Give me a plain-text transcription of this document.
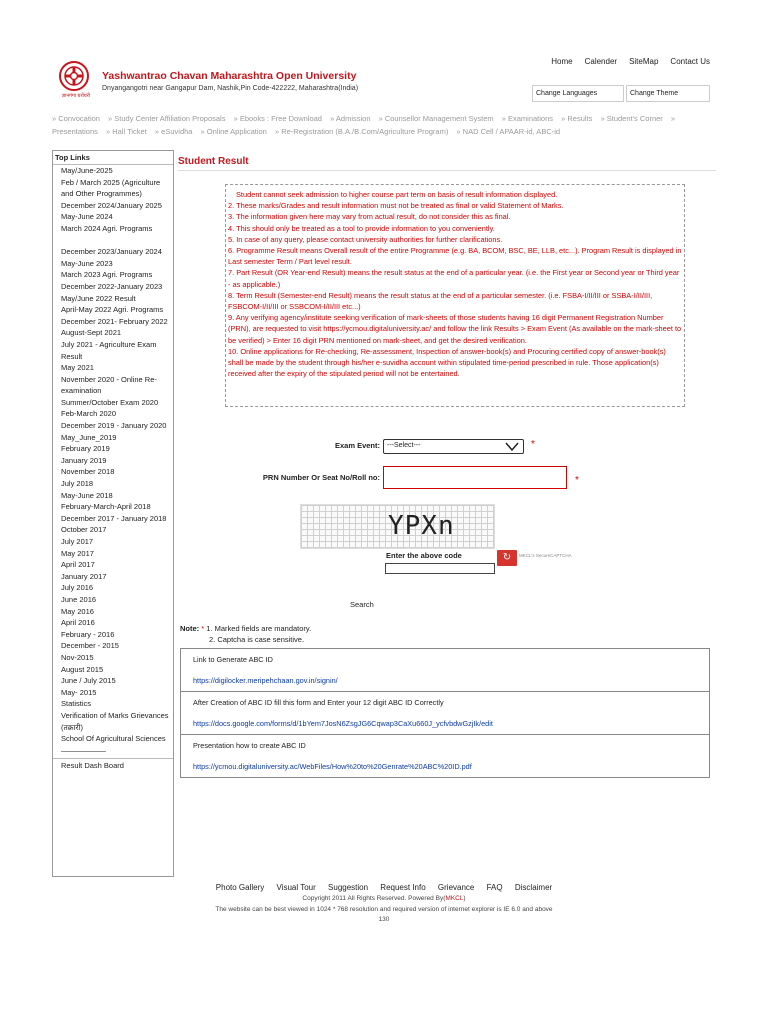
Home Calender SiteMap Contact Us
ज्ञानगंगा घरोघरी
Yashwantrao Chavan Maharashtra Open University
Dnyangangotri near Gangapur Dam, Nashik,Pin Code-422222, Maharashtra(India)
Change Languages	Change Theme
» Convocation » Study Center Affiliation Proposals » Ebooks : Free Download » Admission » Counsellor Management System » Examinations » Results » Student's Corner » Presentations » Hall Ticket » eSuvidha » Online Application » Re-Registration (B.A./B.Com/Agriculture Program) » NAD Cell / APAAR-id, ABC-id
Top Links
May/June-2025
Feb / March 2025 (Agriculture and Other Programmes)
December 2024/January 2025
May-June 2024
March 2024 Agri. Programs

December 2023/January 2024
May-June 2023
March 2023 Agri. Programs
December 2022-January 2023
May/June 2022 Result
April-May 2022 Agri. Programs
December 2021- February 2022
August-Sept 2021
July 2021 - Agriculture Exam Result
May 2021
November 2020 - Online Re-examination
Summer/October Exam 2020
Feb-March 2020
December 2019 - January 2020
May_June_2019
February 2019
January 2019
November 2018
July 2018
May-June 2018
February-March-April 2018
December 2017 - January 2018
October 2017
July 2017
May 2017
April 2017
January 2017
July 2016
June 2016
May 2016
April 2016
February - 2016
December - 2015
Nov-2015
August 2015
June / July 2015
May- 2015
Statistics
Verification of Marks Grievances (तक्रारी)
School Of Agricultural Sciences
——————
Result Dash Board
Student Result

Student cannot seek admission to higher course part term on basis of result information displayed.

2. These marks/Grades and result information must not be treated as final or valid Statement of Marks.

3. The information given here may vary from actual result, do not consider this as final.

4. This should only be treated as a tool to provide information to you conveniently.

5. In case of any query, please contact university authorities for further clarifications.

6. Programme Result means Overall result of the entire Programme (e.g. BA, BCOM, BSC, BE, LLB, etc...). Program Result is displayed in Last semester Term / Part level result.

7. Part Result (OR Year-end Result) means the result status at the end of a particular year. (i.e. the First year or Second year or Third year - as applicable.)

8. Term Result (Semester-end Result) means the result status at the end of a particular semester. (i.e. FSBA-I/II/III or SSBA-I/II/III, FSBCOM-I/II/III or SSBCOM-I/II/III etc...)

9. Any verifying agency/institute seeking verification of mark-sheets of those students having 16 digit Permanent Registration Number (PRN), are requested to visit https://ycmou.digitaluniversity.ac/ and follow the link Results > Exam Event (As available on the mark-sheet to be verified) > Enter 16 digit PRN mentioned on mark-sheet, and get the desired verification.

10. Online applications for Re-checking, Re-assessment, Inspection of answer-book(s) and Procuring certified copy of answer-book(s) shall be made by the student through his/her e-suvidha account within stipulated time-period prescribed in rule. Those application(s) received after the expiry of the stipulated period will not be entertained.

Exam Event:	---Select---	*
PRN Number Or Seat No/Roll no:	*
YPXn
Enter the above code	↻	MKCL's SecureCAPTCHA
Search
Note: * 1. Marked fields are mandatory.
2. Captcha is case sensitive.
Link to Generate ABC ID
https://digilocker.meripehchaan.gov.in/signin/
After Creation of ABC ID fill this form and Enter your 12 digit ABC ID Correctly
https://docs.google.com/forms/d/1bYem7JosN6ZsgJG6Cqwap3CaXu660J_ycfvbdwGzjIk/edit
Presentation how to create ABC ID
https://ycmou.digitaluniversity.ac/WebFiles/How%20to%20Genrate%20ABC%20ID.pdf
Photo Gallery Visual Tour Suggestion Request Info Grievance FAQ Disclaimer
Copyright 2011 All Rights Reserved. Powered By(MKCL)
The website can be best viewed in 1024 * 768 resolution and required version of internet explorer is IE 6.0 and above
130
